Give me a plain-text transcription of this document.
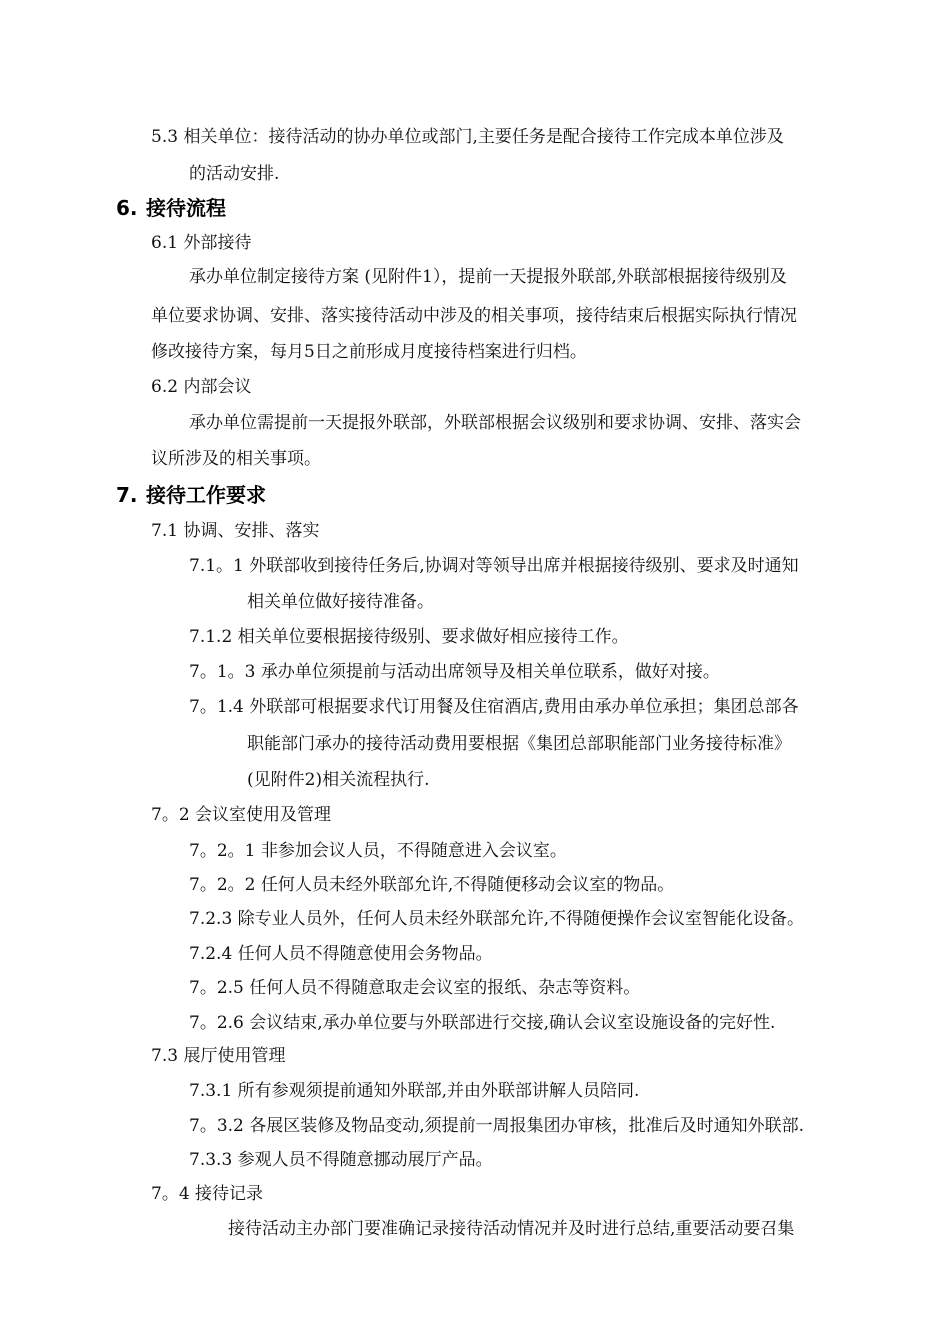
5.3 相关单位：接待活动的协办单位或部门,主要任务是配合接待工作完成本单位涉及
的活动安排.
6. 接待流程
6.1 外部接待
承办单位制定接待方案 (见附件1），提前一天提报外联部,外联部根据接待级别及
单位要求协调、安排、落实接待活动中涉及的相关事项，接待结束后根据实际执行情况
修改接待方案，每月5日之前形成月度接待档案进行归档。
6.2 内部会议
承办单位需提前一天提报外联部，外联部根据会议级别和要求协调、安排、落实会
议所涉及的相关事项。
7. 接待工作要求
7.1 协调、安排、落实
7.1。1 外联部收到接待任务后,协调对等领导出席并根据接待级别、要求及时通知
相关单位做好接待准备。
7.1.2 相关单位要根据接待级别、要求做好相应接待工作。
7。1。3 承办单位须提前与活动出席领导及相关单位联系，做好对接。
7。1.4 外联部可根据要求代订用餐及住宿酒店,费用由承办单位承担；集团总部各
职能部门承办的接待活动费用要根据《集团总部职能部门业务接待标准》
(见附件2)相关流程执行.
7。2 会议室使用及管理
7。2。1 非参加会议人员，不得随意进入会议室。
7。2。2 任何人员未经外联部允许,不得随便移动会议室的物品。
7.2.3 除专业人员外，任何人员未经外联部允许,不得随便操作会议室智能化设备。
7.2.4 任何人员不得随意使用会务物品。
7。2.5 任何人员不得随意取走会议室的报纸、杂志等资料。
7。2.6 会议结束,承办单位要与外联部进行交接,确认会议室设施设备的完好性.
7.3 展厅使用管理
7.3.1 所有参观须提前通知外联部,并由外联部讲解人员陪同.
7。3.2 各展区装修及物品变动,须提前一周报集团办审核，批准后及时通知外联部.
7.3.3 参观人员不得随意挪动展厅产品。
7。4 接待记录
接待活动主办部门要准确记录接待活动情况并及时进行总结,重要活动要召集
